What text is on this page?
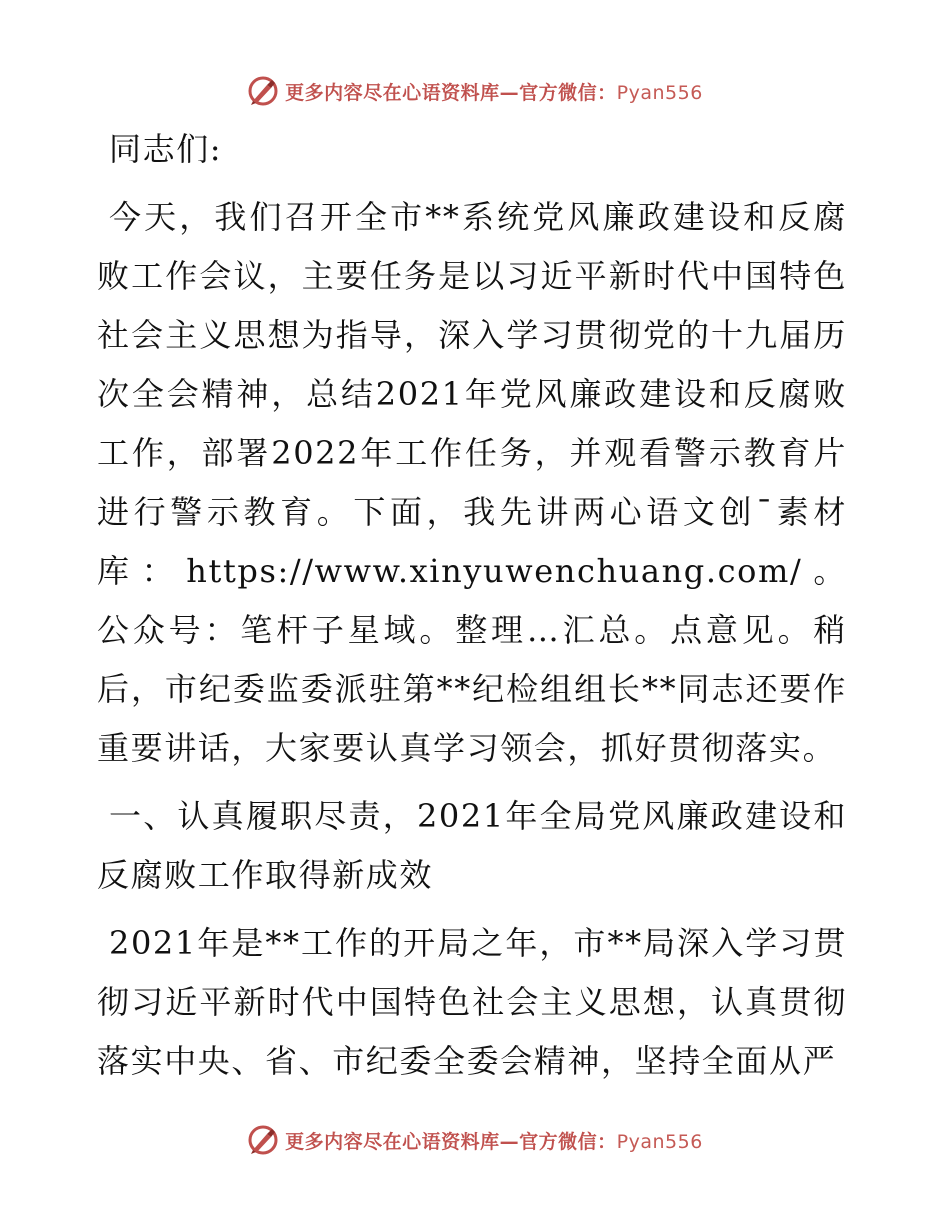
更多内容尽在心语资料库—官方微信：Pyan556

同志们:

今天，我们召开全市**系统党风廉政建设和反腐败工作会议，主要任务是以习近平新时代中国特色社会主义思想为指导，深入学习贯彻党的十九届历次全会精神，总结2021年党风廉政建设和反腐败工作，部署2022年工作任务，并观看警示教育片进行警示教育。下面，我先讲两心语文创¯素材库：https://www.xinyuwenchuang.com/。公众号：笔杆子星域。整理…汇总。点意见。稍后，市纪委监委派驻第**纪检组组长**同志还要作重要讲话，大家要认真学习领会，抓好贯彻落实。

一、认真履职尽责，2021年全局党风廉政建设和反腐败工作取得新成效

2021年是**工作的开局之年，市**局深入学习贯彻习近平新时代中国特色社会主义思想，认真贯彻落实中央、省、市纪委全委会精神，坚持全面从严

更多内容尽在心语资料库—官方微信：Pyan556
